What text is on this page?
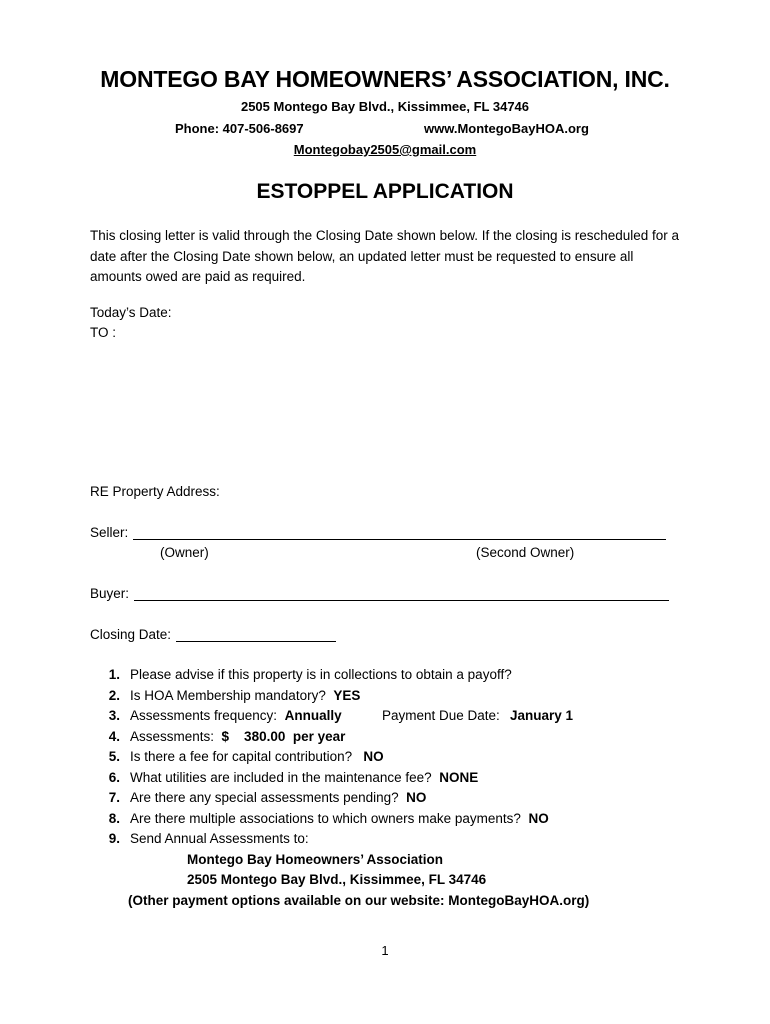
MONTEGO BAY HOMEOWNERS’ ASSOCIATION, INC.
2505 Montego Bay Blvd., Kissimmee, FL 34746
Phone: 407-506-8697	www.MontegoBayHOA.org
Montegobay2505@gmail.com
ESTOPPEL APPLICATION
This closing letter is valid through the Closing Date shown below. If the closing is rescheduled for a date after the Closing Date shown below, an updated letter must be requested to ensure all amounts owed are paid as required.
Today’s Date:
TO :
RE Property Address:
Seller:
(Owner)	(Second Owner)
Buyer:
Closing Date:
1. Please advise if this property is in collections to obtain a payoff?
2. Is HOA Membership mandatory? YES
3. Assessments frequency: Annually	Payment Due Date: January 1
4. Assessments: $    380.00  per year
5. Is there a fee for capital contribution? NO
6. What utilities are included in the maintenance fee? NONE
7. Are there any special assessments pending? NO
8. Are there multiple associations to which owners make payments? NO
9. Send Annual Assessments to:
Montego Bay Homeowners’ Association
2505 Montego Bay Blvd., Kissimmee, FL 34746
(Other payment options available on our website: MontegoBayHOA.org)
1
